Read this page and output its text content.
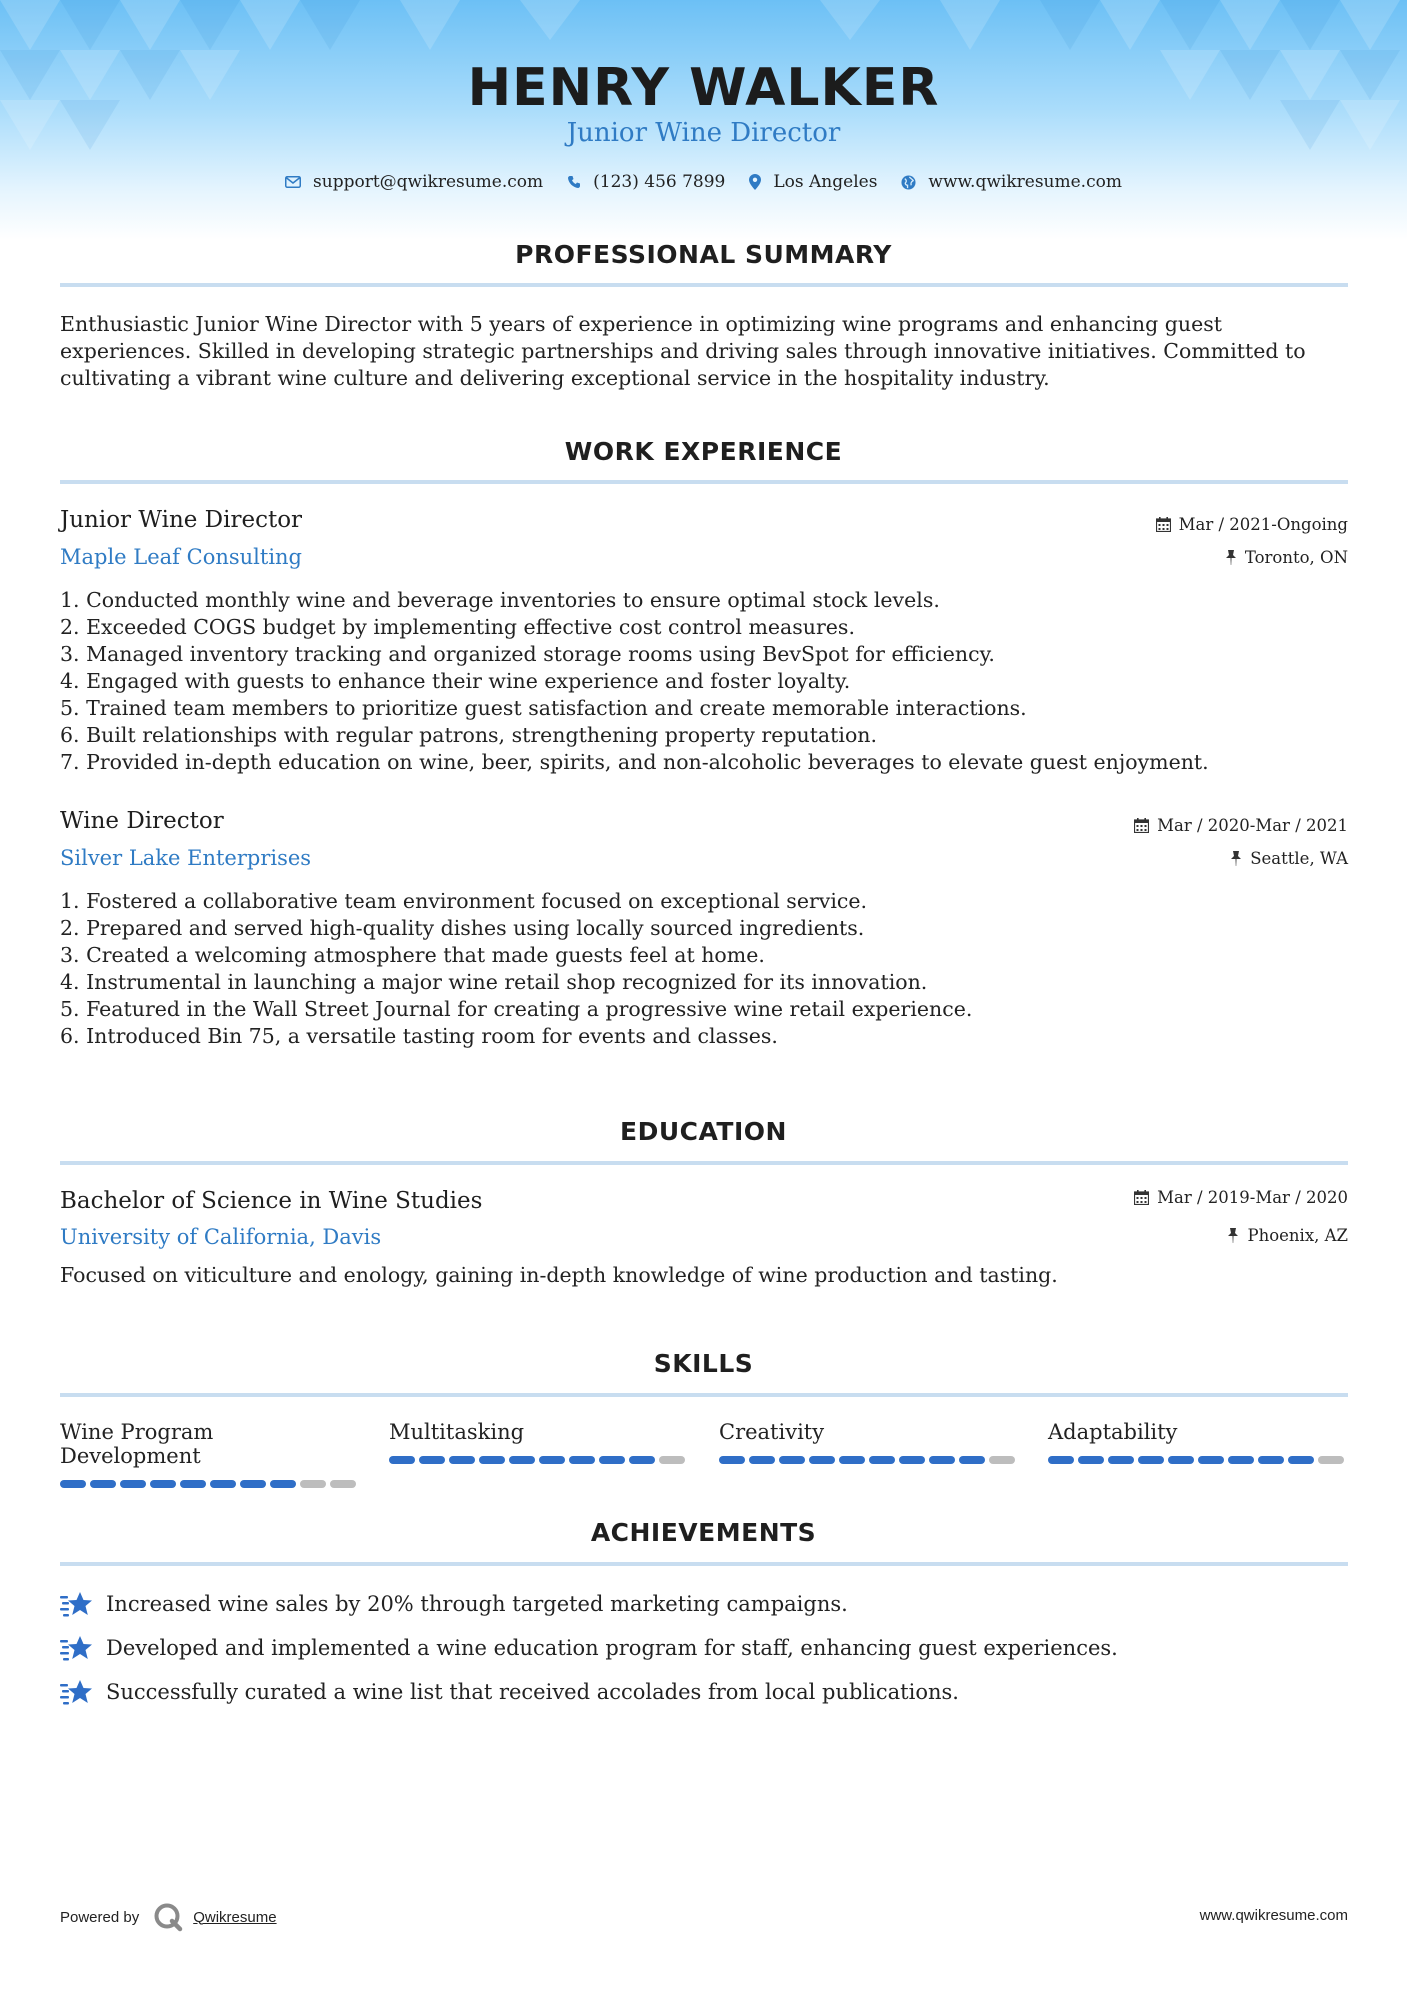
HENRY WALKER
Junior Wine Director
support@qwikresume.com	(123) 456 7899	Los Angeles	www.qwikresume.com
PROFESSIONAL SUMMARY
Enthusiastic Junior Wine Director with 5 years of experience in optimizing wine programs and enhancing guest experiences. Skilled in developing strategic partnerships and driving sales through innovative initiatives. Committed to cultivating a vibrant wine culture and delivering exceptional service in the hospitality industry.
WORK EXPERIENCE
Junior Wine Director	Mar / 2021-Ongoing
Maple Leaf Consulting	Toronto, ON
1. Conducted monthly wine and beverage inventories to ensure optimal stock levels.
2. Exceeded COGS budget by implementing effective cost control measures.
3. Managed inventory tracking and organized storage rooms using BevSpot for efficiency.
4. Engaged with guests to enhance their wine experience and foster loyalty.
5. Trained team members to prioritize guest satisfaction and create memorable interactions.
6. Built relationships with regular patrons, strengthening property reputation.
7. Provided in-depth education on wine, beer, spirits, and non-alcoholic beverages to elevate guest enjoyment.
Wine Director	Mar / 2020-Mar / 2021
Silver Lake Enterprises	Seattle, WA
1. Fostered a collaborative team environment focused on exceptional service.
2. Prepared and served high-quality dishes using locally sourced ingredients.
3. Created a welcoming atmosphere that made guests feel at home.
4. Instrumental in launching a major wine retail shop recognized for its innovation.
5. Featured in the Wall Street Journal for creating a progressive wine retail experience.
6. Introduced Bin 75, a versatile tasting room for events and classes.
EDUCATION
Bachelor of Science in Wine Studies	Mar / 2019-Mar / 2020
University of California, Davis	Phoenix, AZ
Focused on viticulture and enology, gaining in-depth knowledge of wine production and tasting.
SKILLS
Wine Program Development
Multitasking	Creativity	Adaptability
ACHIEVEMENTS
Increased wine sales by 20% through targeted marketing campaigns.
Developed and implemented a wine education program for staff, enhancing guest experiences.
Successfully curated a wine list that received accolades from local publications.
Powered by	Qwikresume	www.qwikresume.com
